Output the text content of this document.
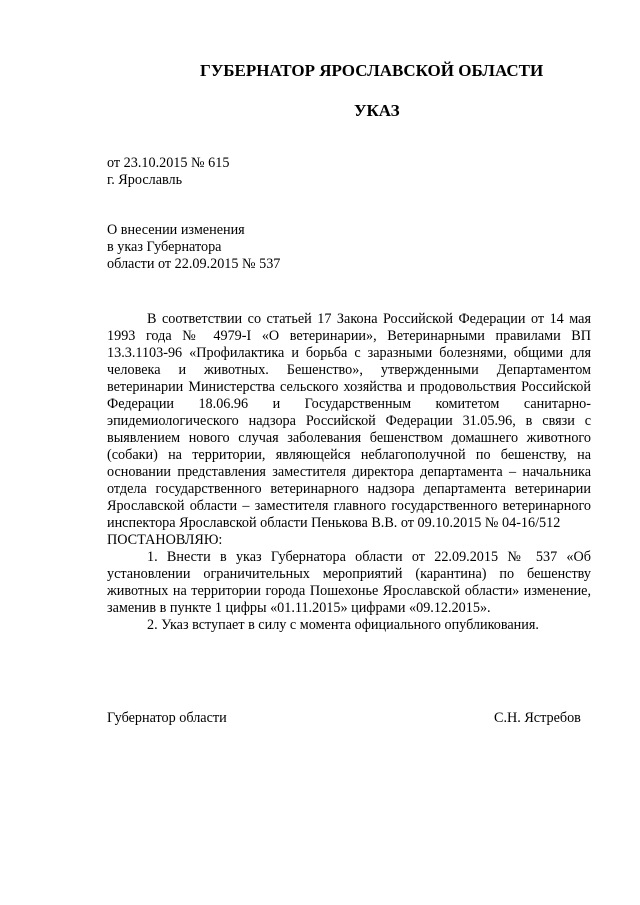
ГУБЕРНАТОР ЯРОСЛАВСКОЙ ОБЛАСТИ
УКАЗ
от 23.10.2015 № 615
г. Ярославль
О внесении изменения
в указ Губернатора
области от 22.09.2015 № 537

В соответствии со статьей 17 Закона Российской Федерации от 14 мая 1993 года № 4979-I «О ветеринарии», Ветеринарными правилами ВП 13.3.1103-96 «Профилактика и борьба с заразными болезнями, общими для человека и животных. Бешенство», утвержденными Департаментом ветеринарии Министерства сельского хозяйства и продовольствия Российской Федерации 18.06.96 и Государственным комитетом санитарно-эпидемиологического надзора Российской Федерации 31.05.96, в связи с выявлением нового случая заболевания бешенством домашнего животного (собаки) на территории, являющейся неблагополучной по бешенству, на основании представления заместителя директора департамента – начальника отдела государственного ветеринарного надзора департамента ветеринарии Ярославской области – заместителя главного государственного ветеринарного инспектора Ярославской области Пенькова В.В. от 09.10.2015 № 04-16/512

ПОСТАНОВЛЯЮ:

1. Внести в указ Губернатора области от 22.09.2015 № 537 «Об установлении ограничительных мероприятий (карантина) по бешенству животных на территории города Пошехонье Ярославской области» изменение, заменив в пункте 1 цифры «01.11.2015» цифрами «09.12.2015».

2. Указ вступает в силу с момента официального опубликования.

Губернатор области	С.Н. Ястребов
